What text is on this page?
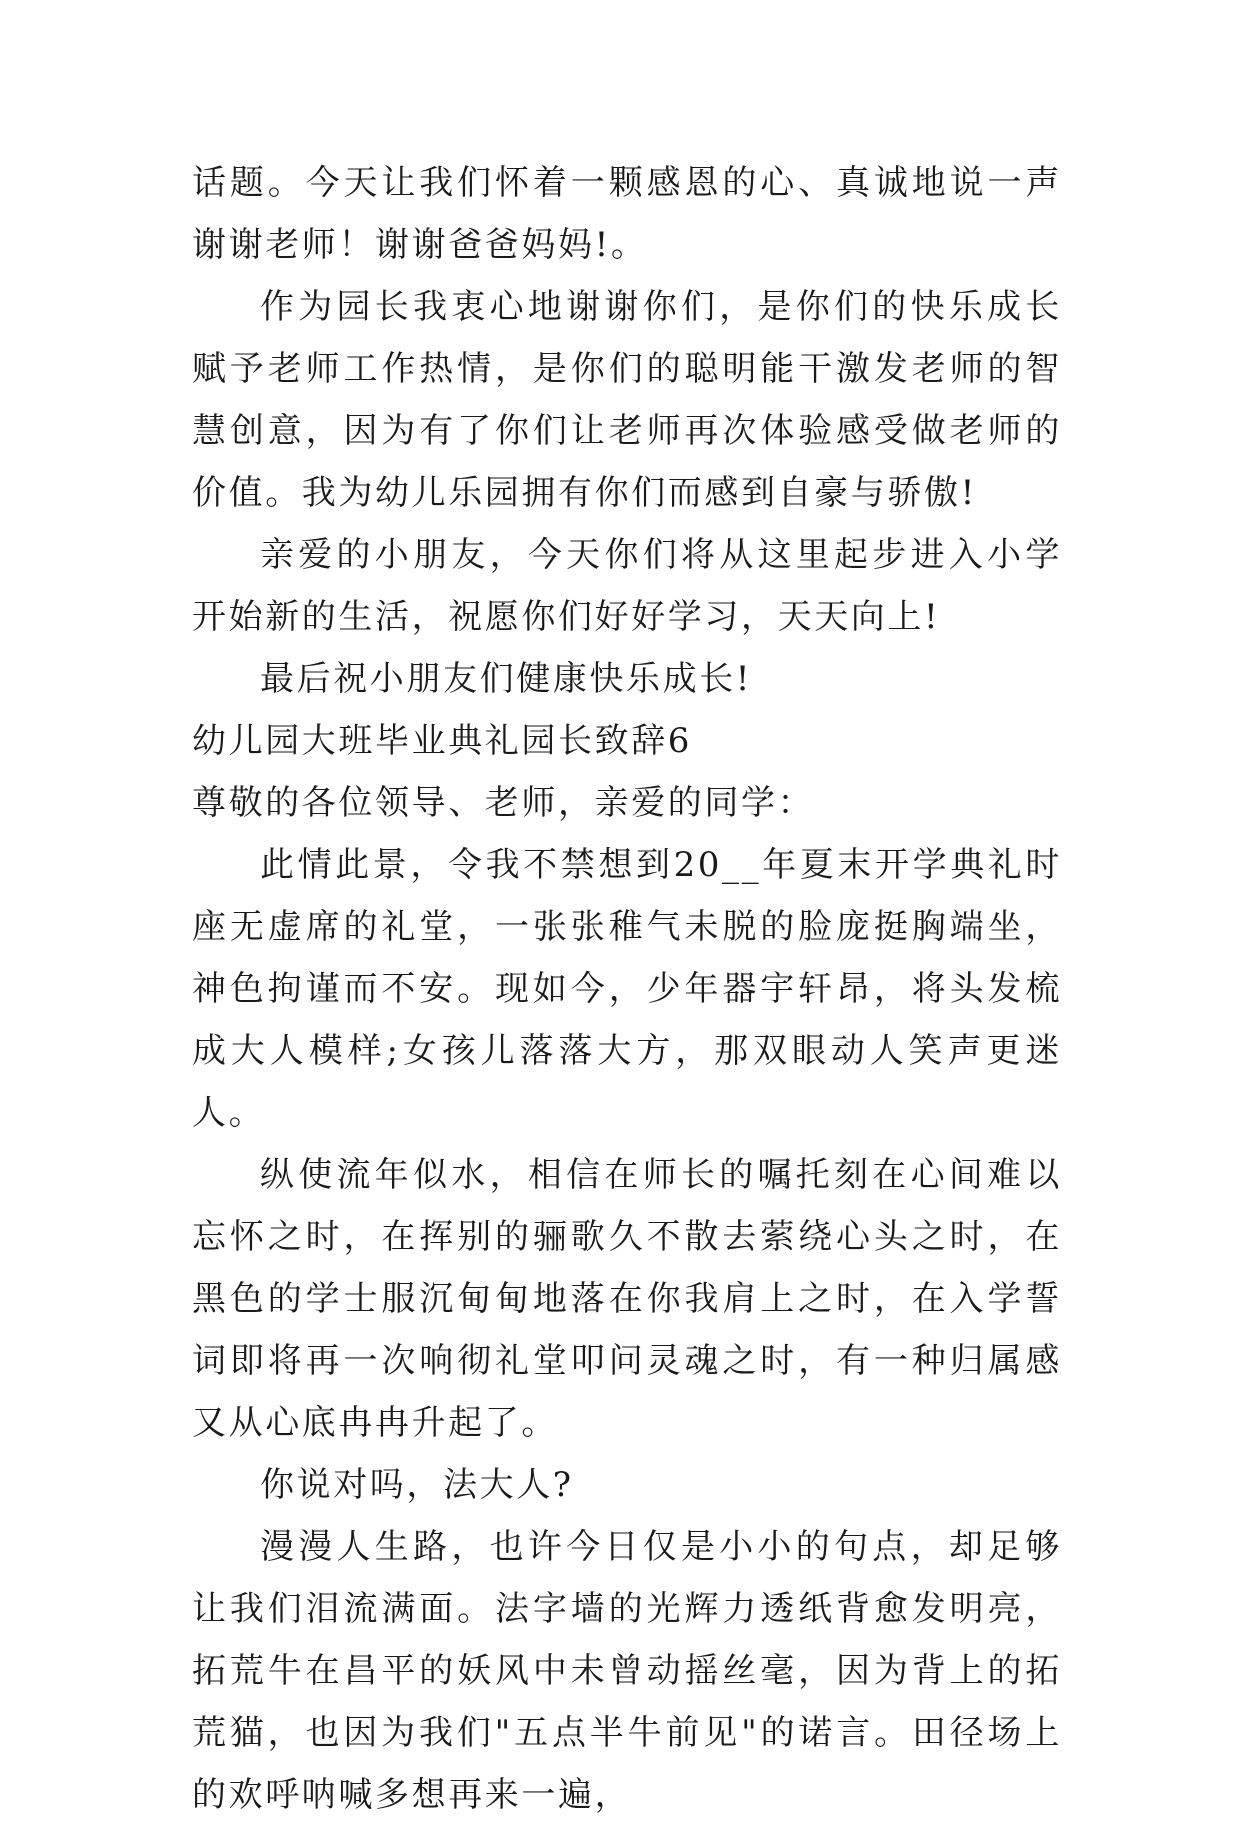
话题。今天让我们怀着一颗感恩的心、真诚地说一声谢谢老师！谢谢爸爸妈妈!。

作为园长我衷心地谢谢你们，是你们的快乐成长赋予老师工作热情，是你们的聪明能干激发老师的智慧创意，因为有了你们让老师再次体验感受做老师的价值。我为幼儿乐园拥有你们而感到自豪与骄傲!

亲爱的小朋友，今天你们将从这里起步进入小学开始新的生活，祝愿你们好好学习，天天向上!

最后祝小朋友们健康快乐成长!

幼儿园大班毕业典礼园长致辞6

尊敬的各位领导、老师，亲爱的同学：

此情此景，令我不禁想到20__年夏末开学典礼时座无虚席的礼堂，一张张稚气未脱的脸庞挺胸端坐，神色拘谨而不安。现如今，少年器宇轩昂，将头发梳成大人模样;女孩儿落落大方，那双眼动人笑声更迷人。

纵使流年似水，相信在师长的嘱托刻在心间难以忘怀之时，在挥别的骊歌久不散去萦绕心头之时，在黑色的学士服沉甸甸地落在你我肩上之时，在入学誓词即将再一次响彻礼堂叩问灵魂之时，有一种归属感又从心底冉冉升起了。

你说对吗，法大人?

漫漫人生路，也许今日仅是小小的句点，却足够让我们泪流满面。法字墙的光辉力透纸背愈发明亮，拓荒牛在昌平的妖风中未曾动摇丝毫，因为背上的拓荒猫，也因为我们"五点半牛前见"的诺言。田径场上的欢呼呐喊多想再来一遍，
